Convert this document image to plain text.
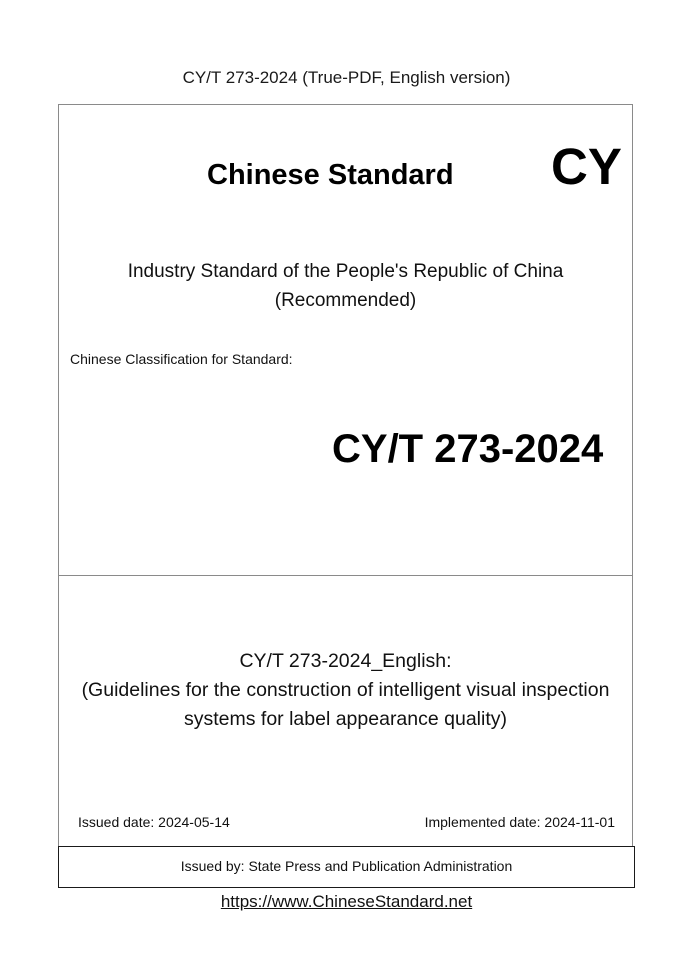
CY/T 273-2024 (True-PDF, English version)
Chinese Standard CY
Industry Standard of the People's Republic of China
(Recommended)
Chinese Classification for Standard:
CY/T 273-2024
CY/T 273-2024_English:
(Guidelines for the construction of intelligent visual inspection
systems for label appearance quality)
Issued date: 2024-05-14	Implemented date: 2024-11-01
Issued by: State Press and Publication Administration
https://www.ChineseStandard.net
